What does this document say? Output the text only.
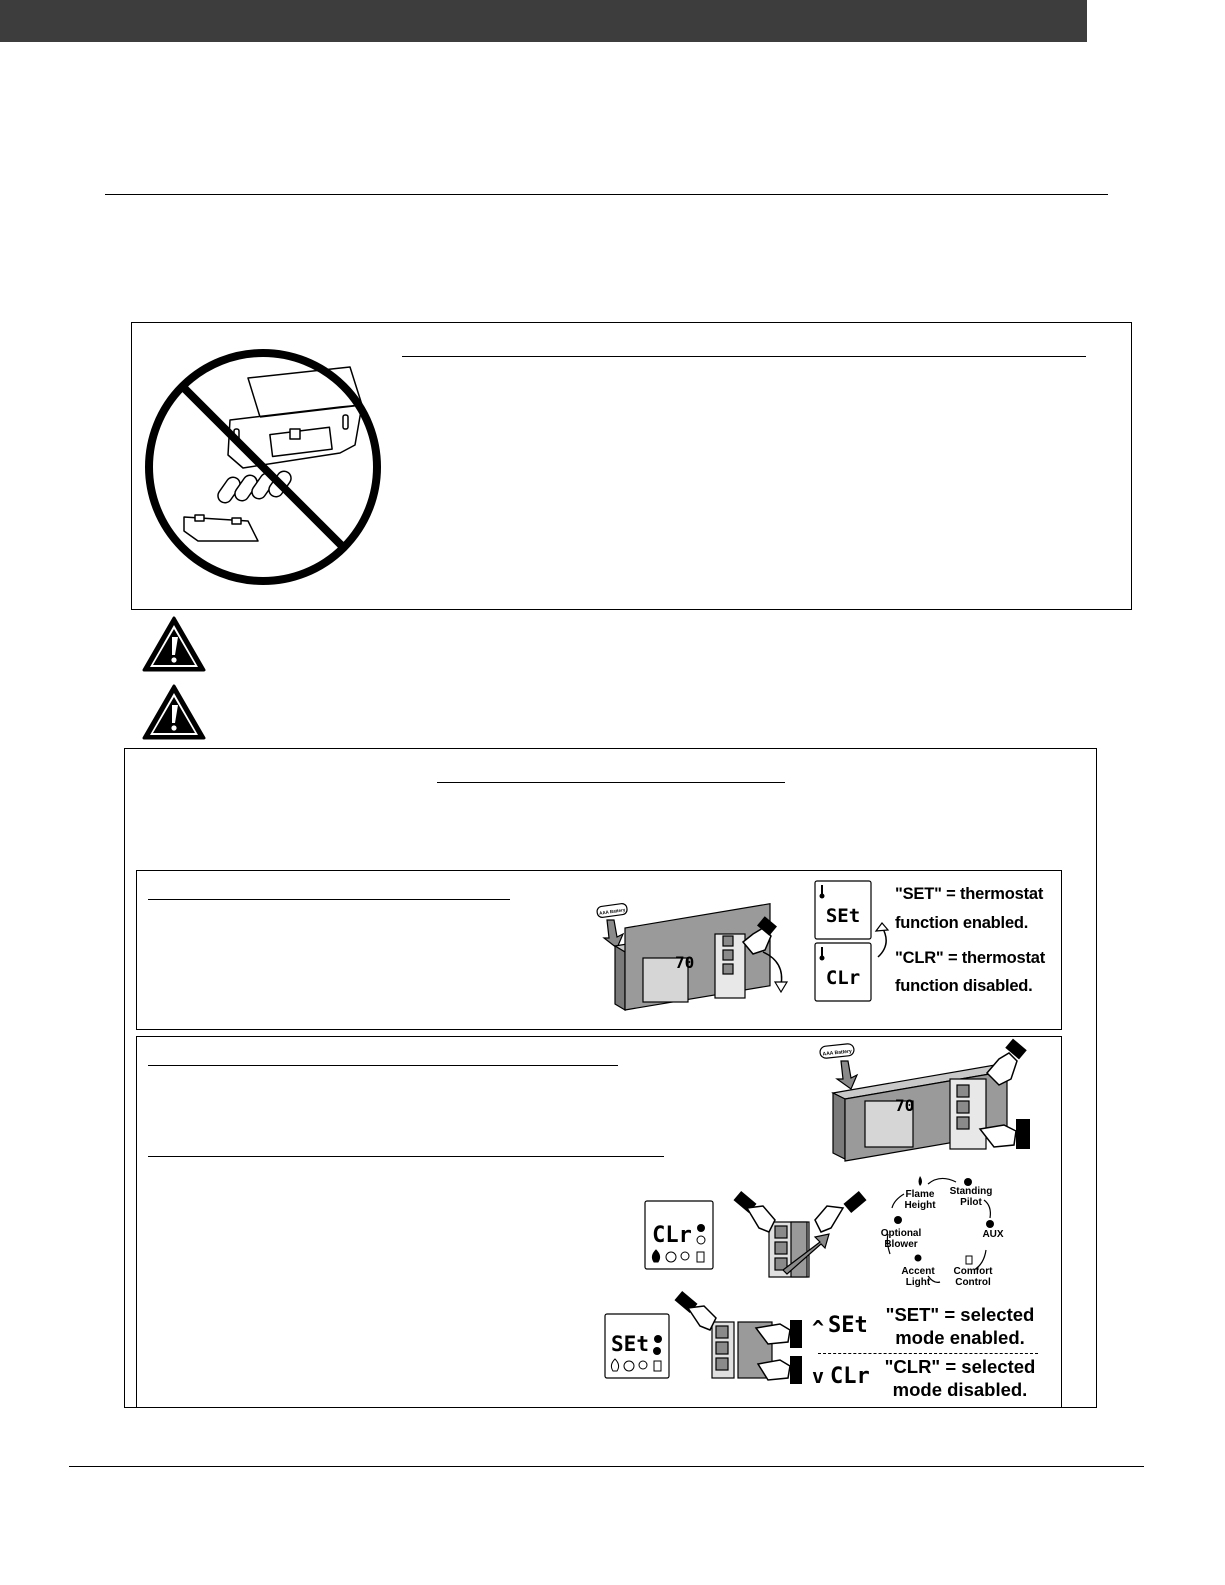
AAA Battery
70
SEt
CLr
"SET" = thermostat
function enabled.
"CLR" = thermostat
function disabled.
AAA Battery
70
CLr
Flame
Height
Standing
Pilot
Optional
Blower
AUX
Accent
Light
Comfort
Control
SEt
^ SEt
v CLr
"SET" = selected
mode enabled.
"CLR" = selected
mode disabled.
